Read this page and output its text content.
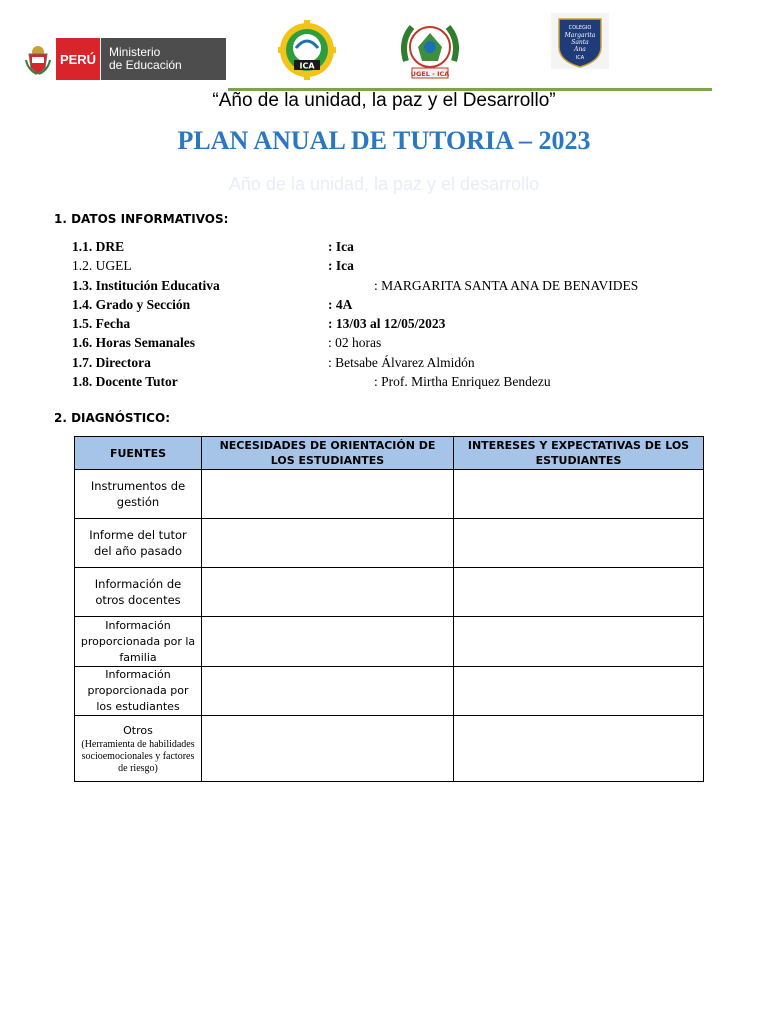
PERÚ	Ministerio
de Educación	ICA
UGEL - ICA
COLEGIO
Margarita
Santa
Ana
ICA
“Año de la unidad, la paz y el Desarrollo”
PLAN ANUAL DE TUTORIA – 2023
Año de la unidad, la paz y el desarrollo
1. DATOS INFORMATIVOS:
1.1. DRE	: Ica
1.2. UGEL	: Ica
1.3. Institución Educativa	: MARGARITA SANTA ANA DE BENAVIDES
1.4. Grado y Sección	: 4A
1.5. Fecha	: 13/03 al 12/05/2023
1.6. Horas Semanales	: 02 horas
1.7. Directora	: Betsabe Álvarez Almidón
1.8. Docente Tutor	: Prof. Mirtha Enriquez Bendezu
2. DIAGNÓSTICO:
FUENTES	NECESIDADES DE ORIENTACIÓN DE LOS ESTUDIANTES	INTERESES Y EXPECTATIVAS DE LOS ESTUDIANTES
Instrumentos de gestión		
Informe del tutor del año pasado		
Información de otros docentes		
Información proporcionada por la familia		
Información proporcionada por los estudiantes		
Otros
(Herramienta de habilidades socioemocionales y factores de riesgo)		
